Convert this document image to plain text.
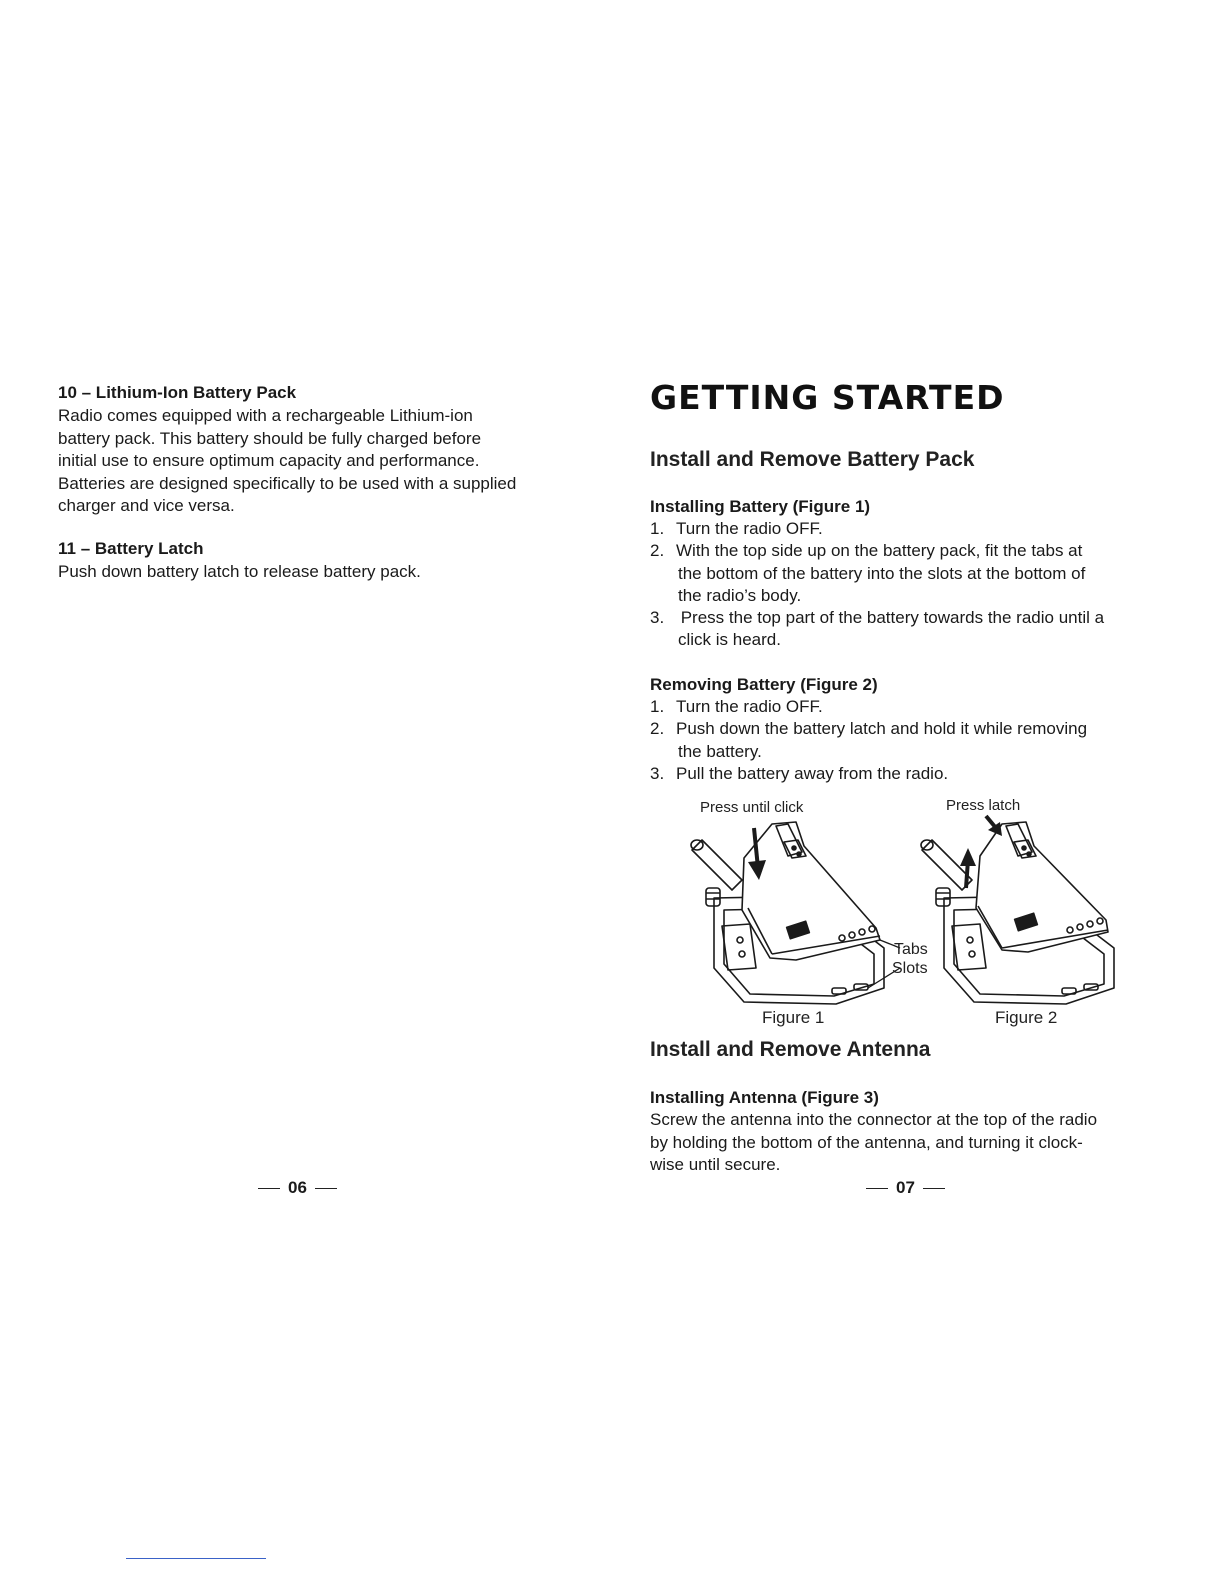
10 – Lithium-Ion Battery Pack

Radio comes equipped with a rechargeable Lithium-ion
battery pack. This battery should be fully charged before
initial use to ensure optimum capacity and performance.
Batteries are designed specifically to be used with a supplied
charger and vice versa.

11 – Battery Latch

Push down battery latch to release battery pack.

06
GETTING STARTED
Install and Remove Battery Pack

Installing Battery (Figure 1)

1. Turn the radio OFF.
2. With the top side up on the battery pack, fit the tabs at
the bottom of the battery into the slots at the bottom of
the radio’s body.
3. Press the top part of the battery towards the radio until a
click is heard.

Removing Battery (Figure 2)

1. Turn the radio OFF.
2. Push down the battery latch and hold it while removing
the battery.
3. Pull the battery away from the radio.
Press until click	Press latch
Tabs
Slots
Figure 1	Figure 2
Install and Remove Antenna

Installing Antenna (Figure 3)

Screw the antenna into the connector at the top of the radio
by holding the bottom of the antenna, and turning it clock-
wise until secure.

07
